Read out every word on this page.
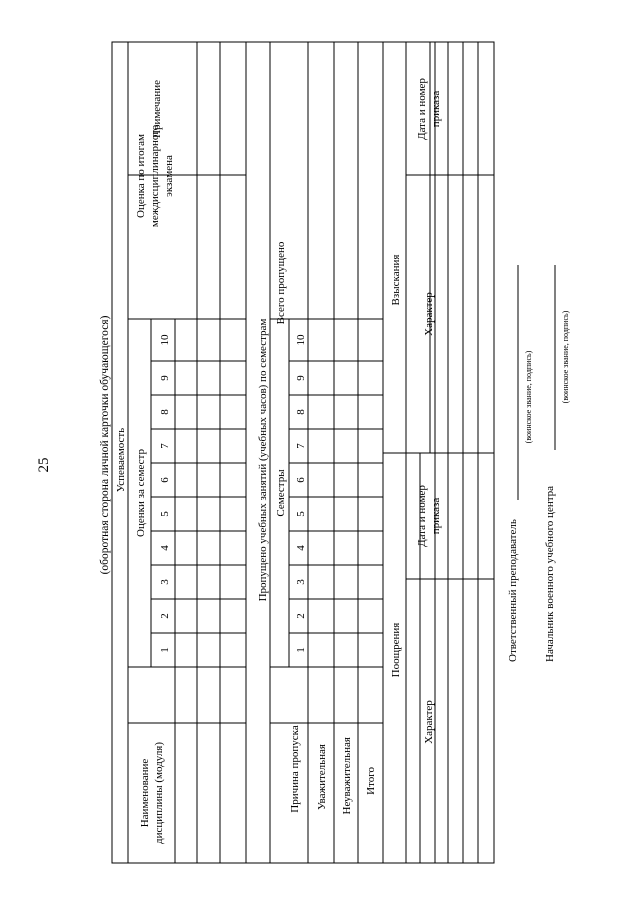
25	(оборотная сторона личной карточки обучающегося) Успеваемость
Наименование дисциплины (модуля)
Оценки за семестр
Оценка по итогам междисциплинарного экзамена
Примечание
1
2
3
4
5
6
7
8
9
10	Пропущено учебных занятий (учебных часов) по семестрам
Причина пропуска
Семестры
Всего пропущено
1
2
3
4
5
6
7
8
9
10
Уважительная Неуважительная Итого
Поощрения
Взыскания
Характер
Дата и номер приказа
Характер
Дата и номер приказа
Ответственный преподаватель
(воинское звание, подпись)
Начальник военного учебного центра
(воинское звание, подпись)
